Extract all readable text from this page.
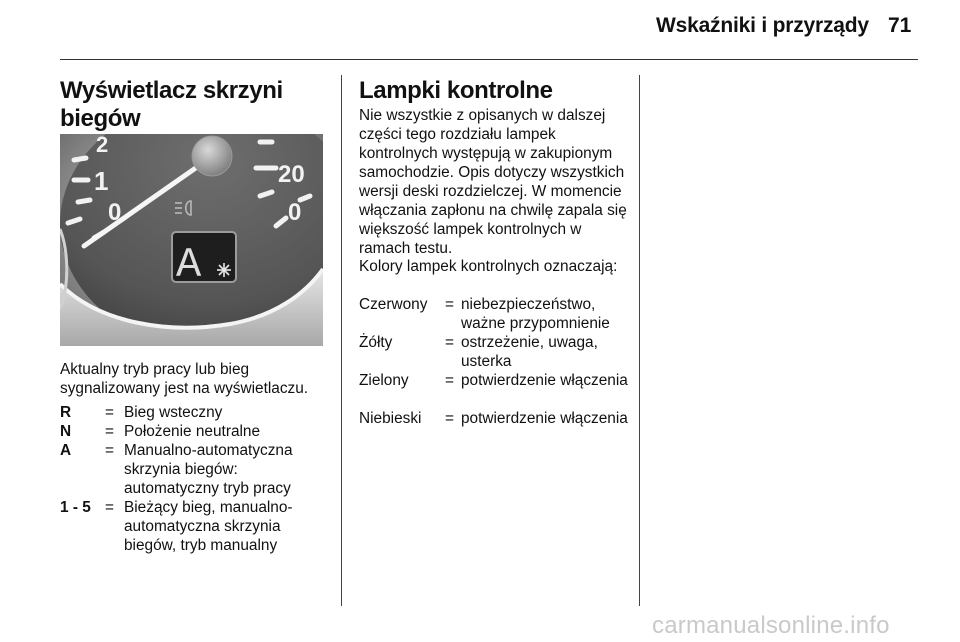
Wskaźniki i przyrządy 71
Wyświetlacz skrzyni biegów
2
1
0
20
0
A

Aktualny tryb pracy lub bieg sygnalizowany jest na wyświetlaczu.

R = Bieg wsteczny
N = Położenie neutralne
A = Manualno-automatyczna skrzynia biegów: automatyczny tryb pracy
1 - 5 = Bieżący bieg, manualno-automatyczna skrzynia biegów, tryb manualny
Lampki kontrolne

Nie wszystkie z opisanych w dalszej części tego rozdziału lampek kontrolnych występują w zakupionym samochodzie. Opis dotyczy wszystkich wersji deski rozdzielczej. W momencie włączania zapłonu na chwilę zapala się większość lampek kontrolnych w ramach testu.

Kolory lampek kontrolnych oznaczają:

Czerwony = niebezpieczeństwo, ważne przypomnienie
Żółty	= ostrzeżenie, uwaga, usterka
Zielony = potwierdzenie włączenia
Niebieski = potwierdzenie włączenia
carmanualsonline.info
